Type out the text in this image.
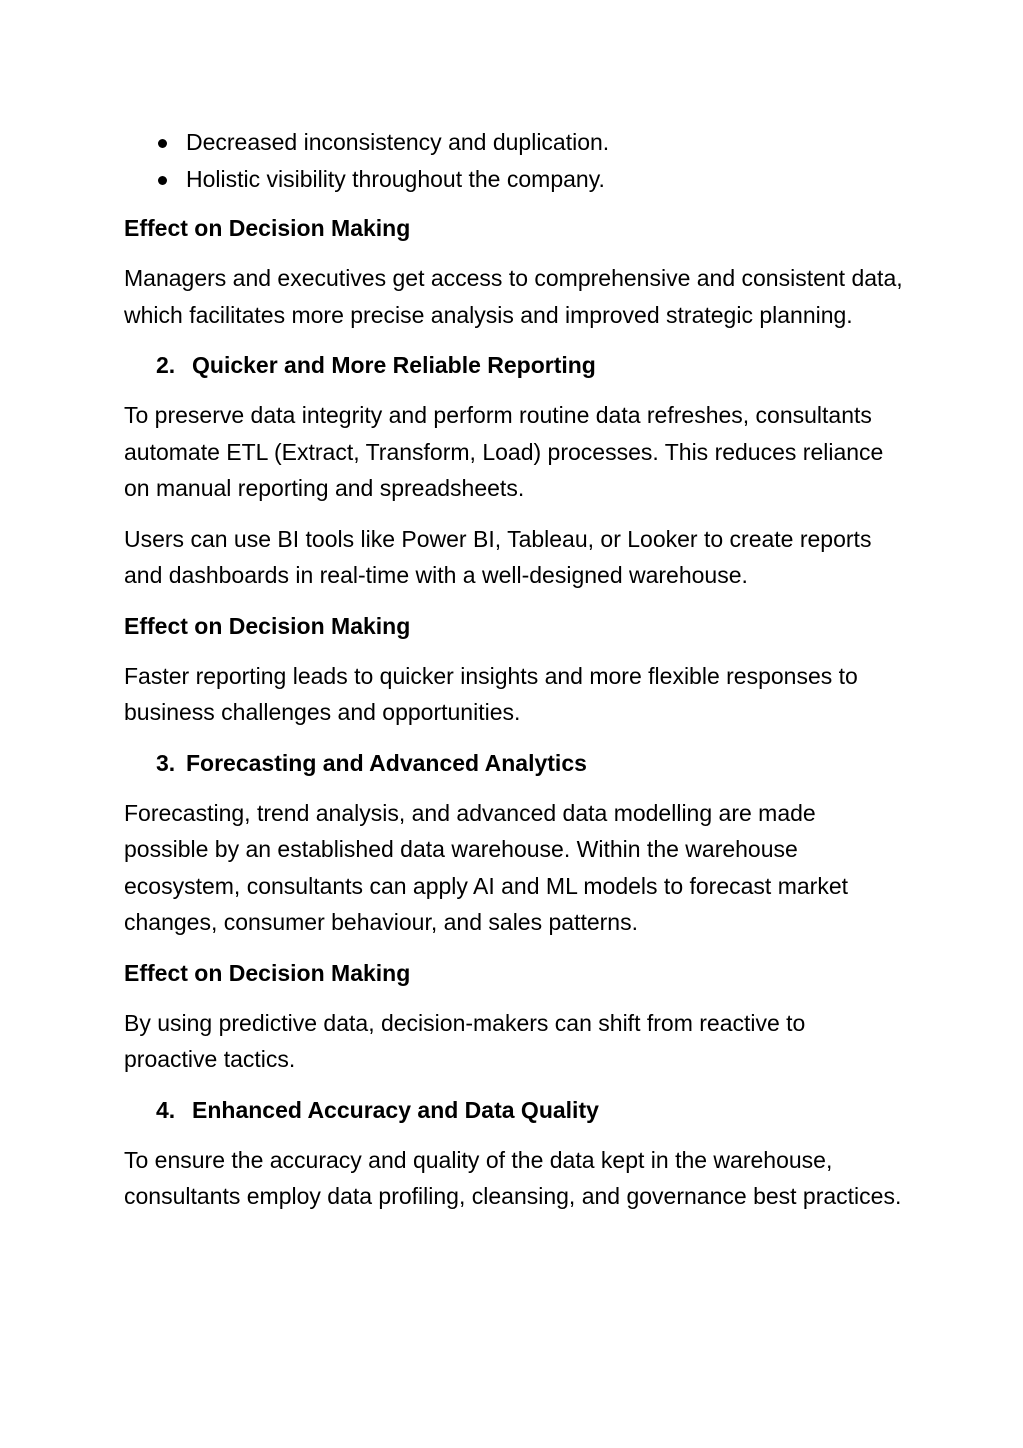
Decreased inconsistency and duplication.
Holistic visibility throughout the company.
Effect on Decision Making

Managers and executives get access to comprehensive and consistent data, which facilitates more precise analysis and improved strategic planning.

2. Quicker and More Reliable Reporting

To preserve data integrity and perform routine data refreshes, consultants automate ETL (Extract, Transform, Load) processes. This reduces reliance on manual reporting and spreadsheets.

Users can use BI tools like Power BI, Tableau, or Looker to create reports and dashboards in real-time with a well-designed warehouse.

Effect on Decision Making

Faster reporting leads to quicker insights and more flexible responses to business challenges and opportunities.

3. Forecasting and Advanced Analytics

Forecasting, trend analysis, and advanced data modelling are made possible by an established data warehouse. Within the warehouse ecosystem, consultants can apply AI and ML models to forecast market changes, consumer behaviour, and sales patterns.

Effect on Decision Making

By using predictive data, decision-makers can shift from reactive to proactive tactics.

4. Enhanced Accuracy and Data Quality

To ensure the accuracy and quality of the data kept in the warehouse, consultants employ data profiling, cleansing, and governance best practices.
